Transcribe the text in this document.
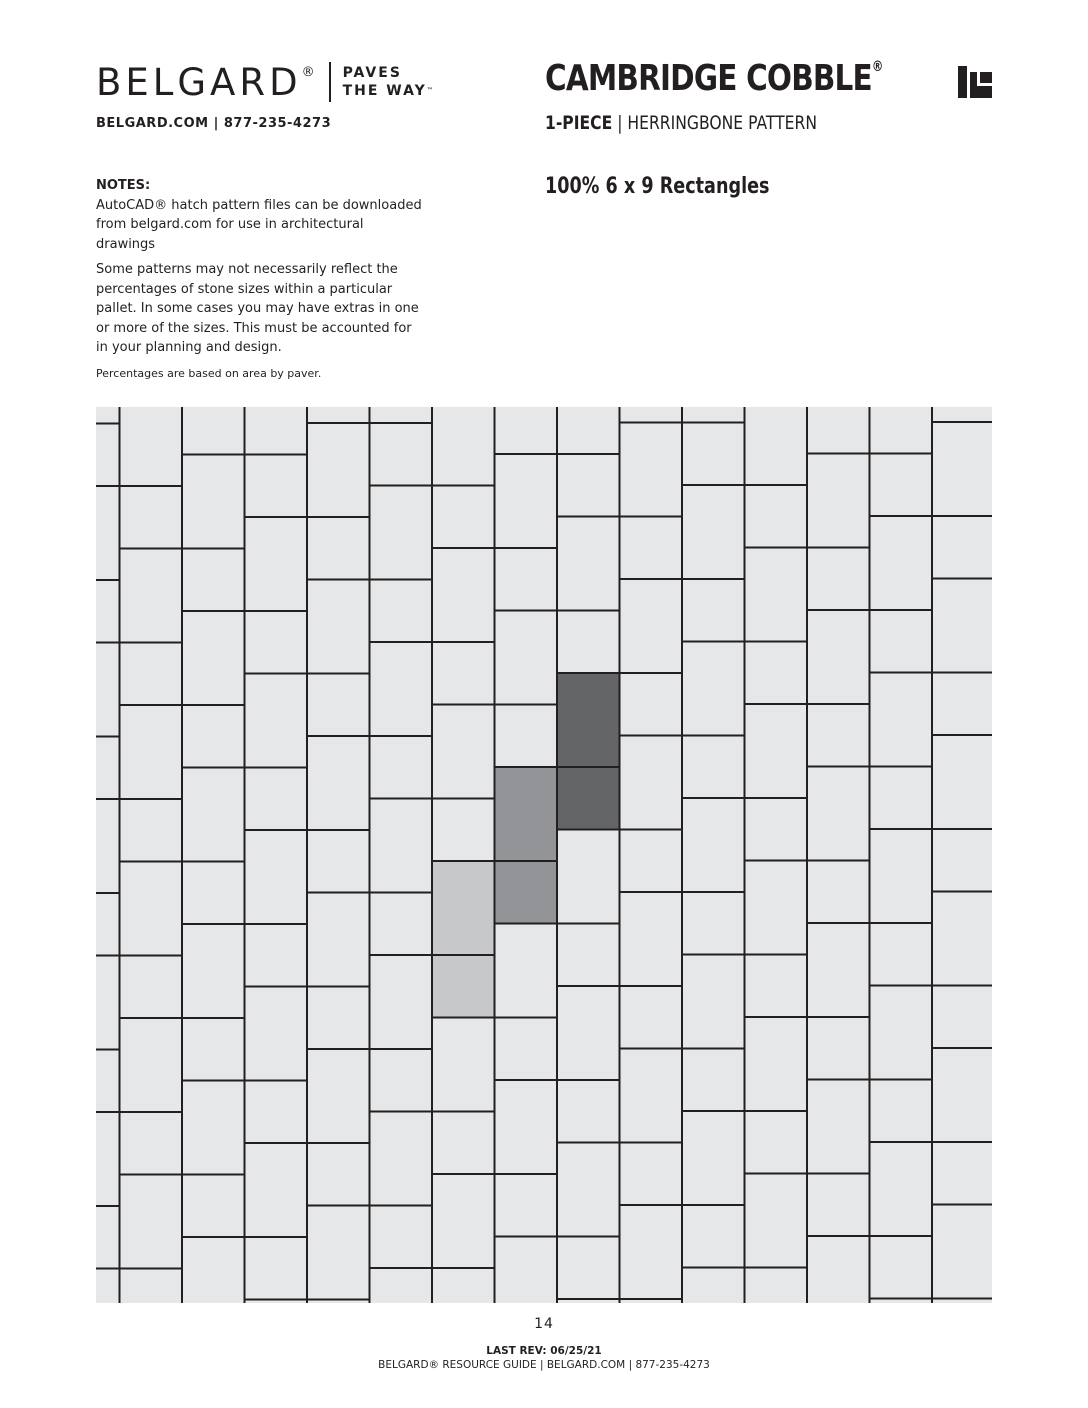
BELGARD® PAVES
THE WAY™
BELGARD.COM | 877-235-4273
CAMBRIDGE COBBLE®
1-PIECE | HERRINGBONE PATTERN

NOTES:

AutoCAD® hatch pattern files can be downloaded from belgard.com for use in architectural drawings

Some patterns may not necessarily reflect the percentages of stone sizes within a particular pallet. In some cases you may have extras in one or more of the sizes. This must be accounted for in your planning and design.

Percentages are based on area by paver.

100% 6 x 9 Rectangles
14
LAST REV: 06/25/21
BELGARD® RESOURCE GUIDE | BELGARD.COM | 877-235-4273
